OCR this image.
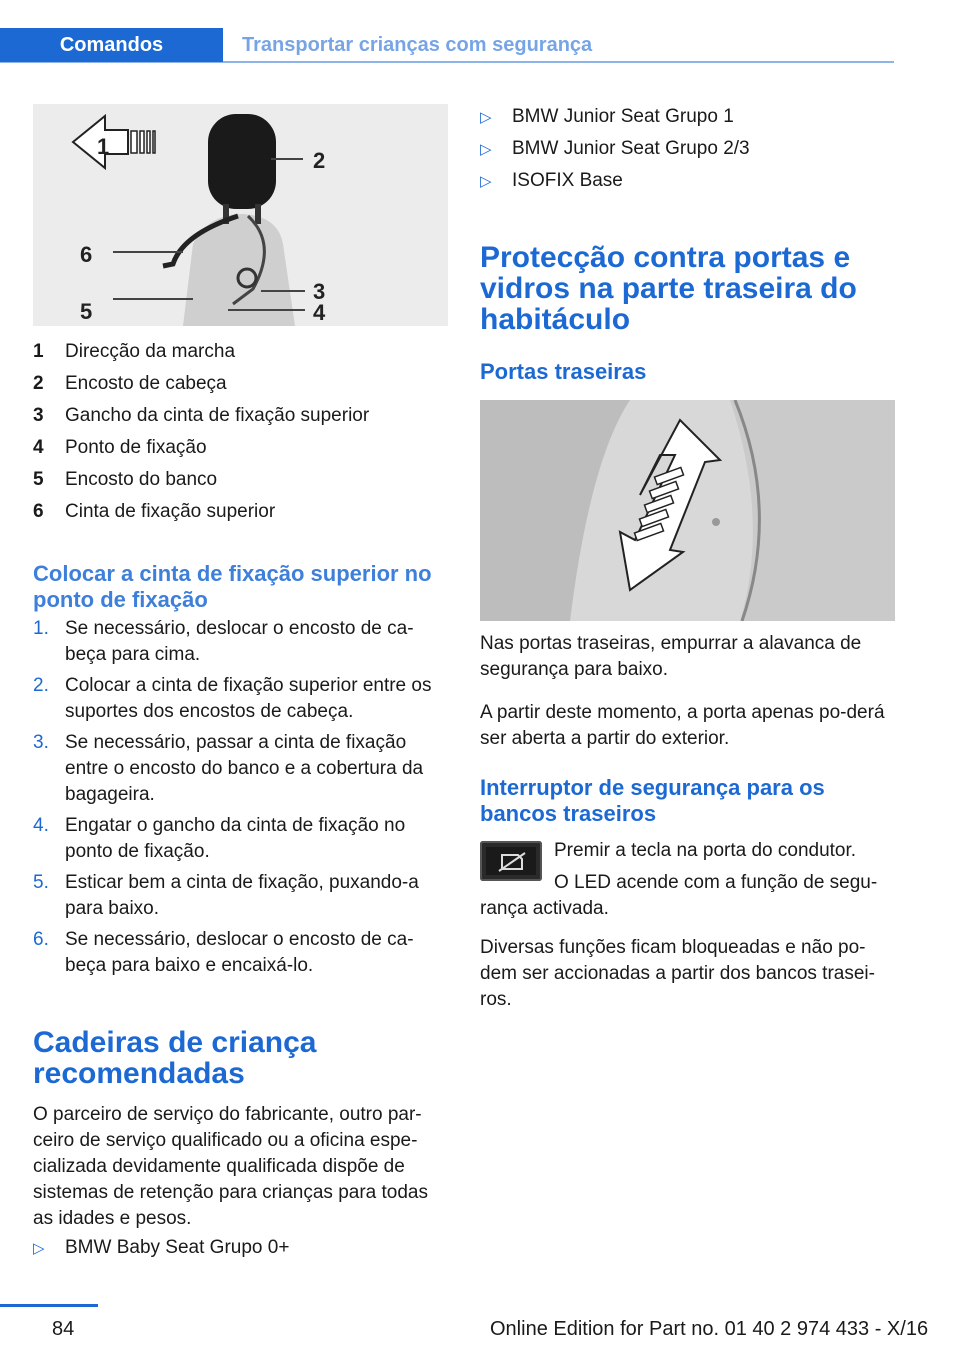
Comandos	Transportar crianças com segurança
1
2
6
3
5	4
1	Direcção da marcha
2	Encosto de cabeça
3	Gancho da cinta de fixação superior
4	Ponto de fixação
5	Encosto do banco
6	Cinta de fixação superior
Colocar a cinta de fixação superior no ponto de fixação
1. Se necessário, deslocar o encosto de ca-beça para cima.
2. Colocar a cinta de fixação superior entre os suportes dos encostos de cabeça.
3. Se necessário, passar a cinta de fixação entre o encosto do banco e a cobertura da bagageira.
4. Engatar o gancho da cinta de fixação no ponto de fixação.
5. Esticar bem a cinta de fixação, puxando-a para baixo.
6. Se necessário, deslocar o encosto de ca-beça para baixo e encaixá-lo.
Cadeiras de criança recomendadas
O parceiro de serviço do fabricante, outro par-ceiro de serviço qualificado ou a oficina espe-cializada devidamente qualificada dispõe de sistemas de retenção para crianças para todas as idades e pesos.
▷	BMW Baby Seat Grupo 0+
▷	BMW Junior Seat Grupo 1
▷	BMW Junior Seat Grupo 2/3
▷	ISOFIX Base
Protecção contra portas e vidros na parte traseira do habitáculo
Portas traseiras
Nas portas traseiras, empurrar a alavanca de segurança para baixo.
A partir deste momento, a porta apenas po-derá ser aberta a partir do exterior.
Interruptor de segurança para os bancos traseiros
Premir a tecla na porta do condutor.
O LED acende com a função de segu-rança activada.
Diversas funções ficam bloqueadas e não po-dem ser accionadas a partir dos bancos trasei-ros.
84	Online Edition for Part no. 01 40 2 974 433 - X/16
